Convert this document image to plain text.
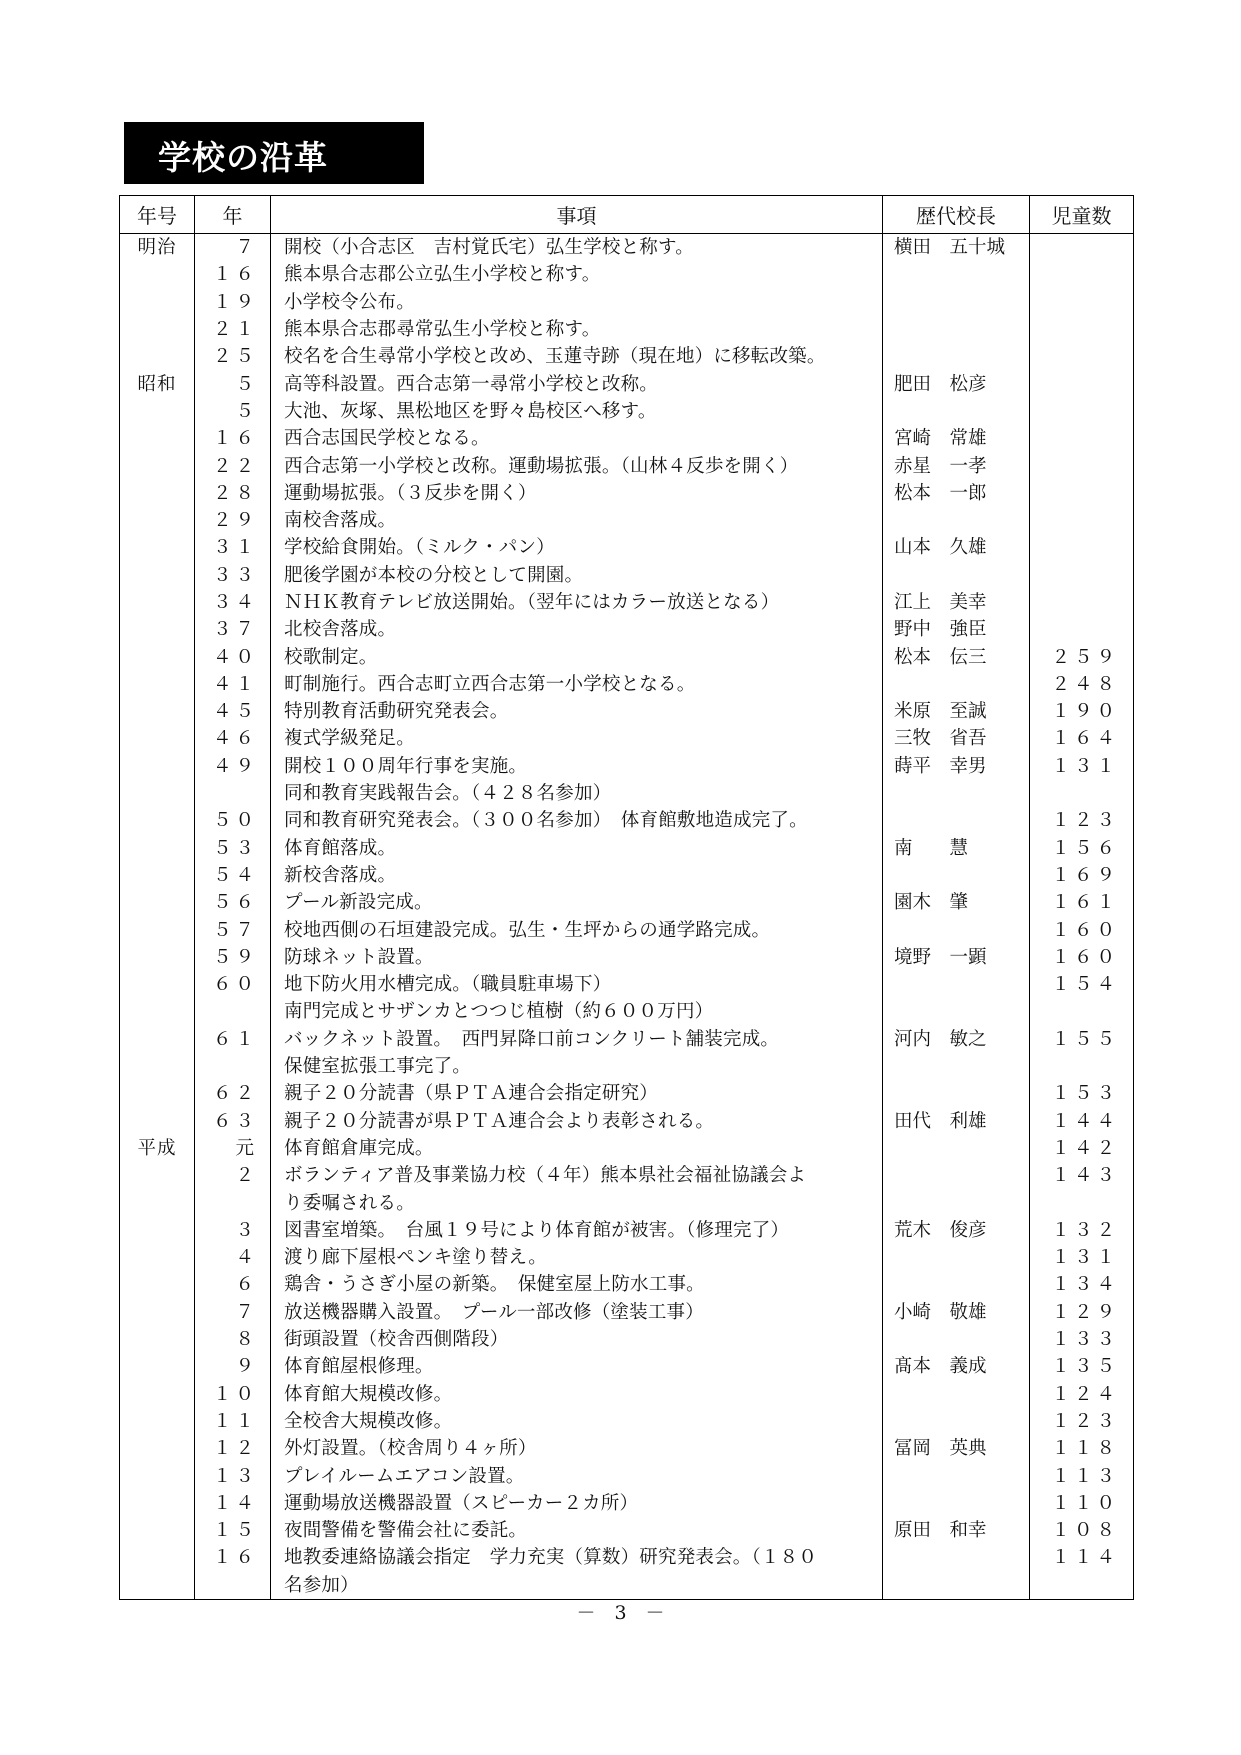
学校の沿革
年号	年	事項	歴代校長	児童数
明治	７	開校（小合志区　吉村覚氏宅）弘生学校と称す。	横田　五十城	
	１６	熊本県合志郡公立弘生小学校と称す。		
	１９	小学校令公布。		
	２１	熊本県合志郡尋常弘生小学校と称す。		
	２５	校名を合生尋常小学校と改め、玉蓮寺跡（現在地）に移転改築。		
昭和	５	高等科設置。西合志第一尋常小学校と改称。	肥田　松彦	
	５	大池、灰塚、黒松地区を野々島校区へ移す。		
	１６	西合志国民学校となる。	宮崎　常雄	
	２２	西合志第一小学校と改称。運動場拡張。（山林４反歩を開く）	赤星　一孝	
	２８	運動場拡張。（３反歩を開く）	松本　一郎	
	２９	南校舎落成。		
	３１	学校給食開始。（ミルク・パン）	山本　久雄	
	３３	肥後学園が本校の分校として開園。		
	３４	ＮＨＫ教育テレビ放送開始。（翌年にはカラー放送となる）	江上　美幸	
	３７	北校舎落成。	野中　強臣	
	４０	校歌制定。	松本　伝三	２５９
	４１	町制施行。西合志町立西合志第一小学校となる。		２４８
	４５	特別教育活動研究発表会。	米原　至誠	１９０
	４６	複式学級発足。	三牧　省吾	１６４
	４９	開校１００周年行事を実施。	蒔平　幸男	１３１
		同和教育実践報告会。（４２８名参加）		
	５０	同和教育研究発表会。（３００名参加）　体育館敷地造成完了。		１２３
	５３	体育館落成。	南　　慧	１５６
	５４	新校舎落成。		１６９
	５６	プール新設完成。	園木　肇	１６１
	５７	校地西側の石垣建設完成。弘生・生坪からの通学路完成。		１６０
	５９	防球ネット設置。	境野　一顕	１６０
	６０	地下防火用水槽完成。（職員駐車場下）		１５４
		南門完成とサザンカとつつじ植樹（約６００万円）		
	６１	バックネット設置。　西門昇降口前コンクリート舗装完成。	河内　敏之	１５５
		保健室拡張工事完了。		
	６２	親子２０分読書（県ＰＴＡ連合会指定研究）		１５３
	６３	親子２０分読書が県ＰＴＡ連合会より表彰される。	田代　利雄	１４４
平成	元	体育館倉庫完成。		１４２
	２	ボランティア普及事業協力校（４年）熊本県社会福祉協議会よ		１４３
		り委嘱される。		
	３	図書室増築。　台風１９号により体育館が被害。（修理完了）	荒木　俊彦	１３２
	４	渡り廊下屋根ペンキ塗り替え。		１３１
	６	鶏舎・うさぎ小屋の新築。　保健室屋上防水工事。		１３４
	７	放送機器購入設置。　プール一部改修（塗装工事）	小崎　敬雄	１２９
	８	街頭設置（校舎西側階段）		１３３
	９	体育館屋根修理。	髙本　義成	１３５
	１０	体育館大規模改修。		１２４
	１１	全校舎大規模改修。		１２３
	１２	外灯設置。（校舎周り４ヶ所）	冨岡　英典	１１８
	１３	プレイルームエアコン設置。		１１３
	１４	運動場放送機器設置（スピーカー２カ所）		１１０
	１５	夜間警備を警備会社に委託。	原田　和幸	１０８
	１６	地教委連絡協議会指定　学力充実（算数）研究発表会。（１８０		１１４
		名参加）		
－　3　－
